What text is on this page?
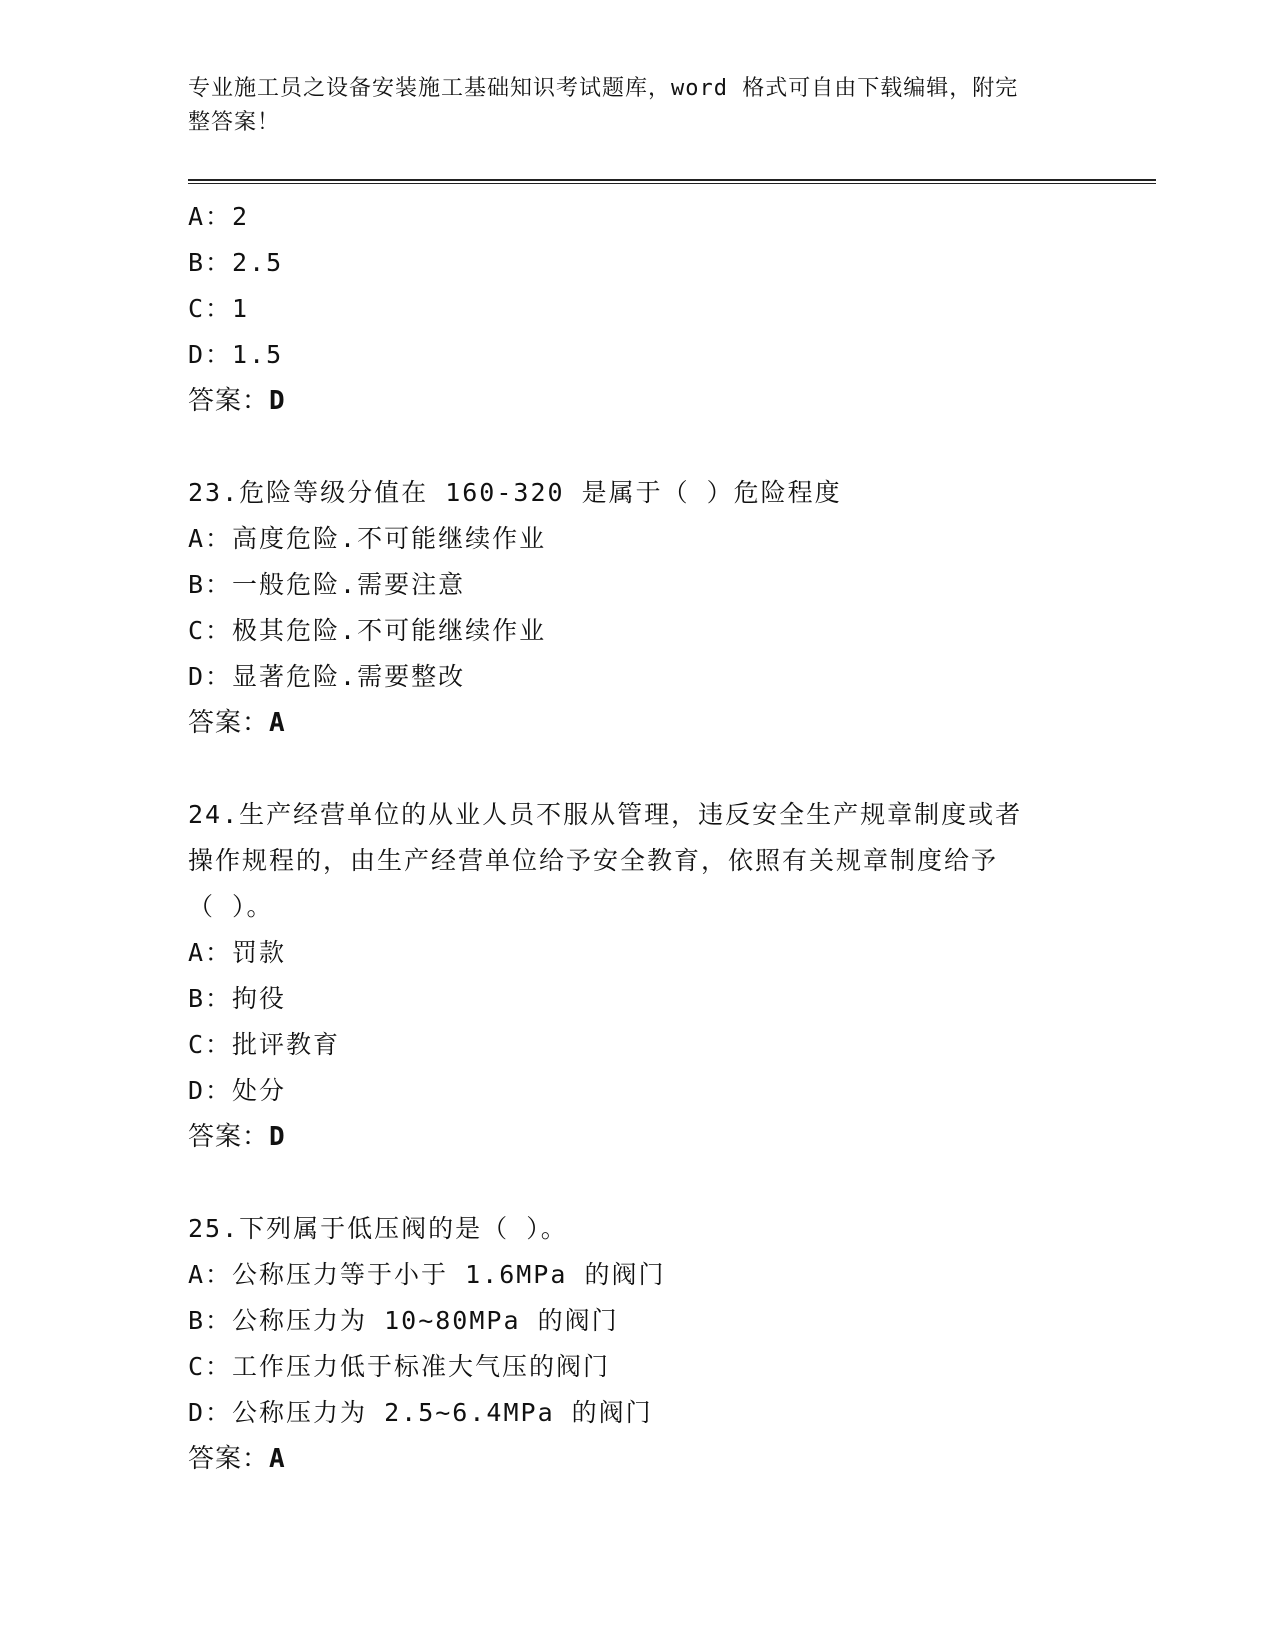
专业施工员之设备安装施工基础知识考试题库，word 格式可自由下载编辑，附完
整答案！
A：2
B：2.5
C：1
D：1.5
答案：D
23.危险等级分值在 160-320 是属于（ ）危险程度
A：高度危险.不可能继续作业
B：一般危险.需要注意
C：极其危险.不可能继续作业
D：显著危险.需要整改
答案：A
24.生产经营单位的从业人员不服从管理，违反安全生产规章制度或者
操作规程的，由生产经营单位给予安全教育，依照有关规章制度给予
（ ）。
A：罚款
B：拘役
C：批评教育
D：处分
答案：D
25.下列属于低压阀的是（ ）。
A：公称压力等于小于 1.6MPa 的阀门
B：公称压力为 10~80MPa 的阀门
C：工作压力低于标准大气压的阀门
D：公称压力为 2.5~6.4MPa 的阀门
答案：A
